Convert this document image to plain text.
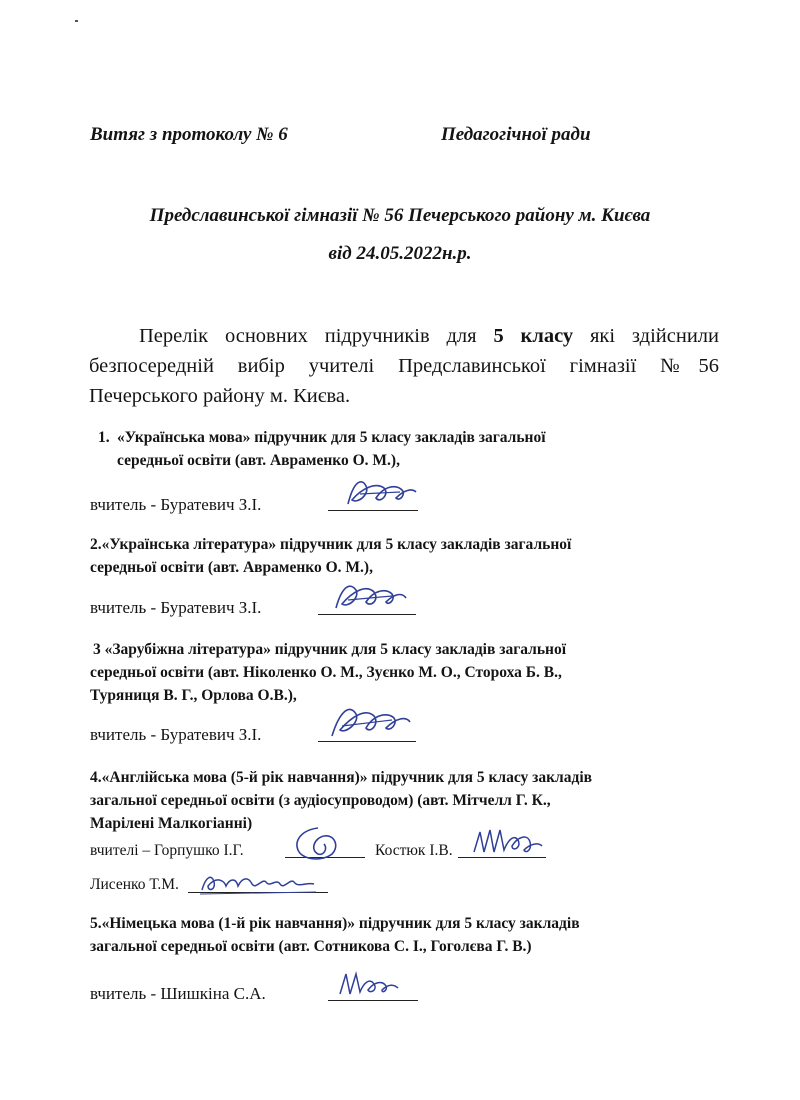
Витяг з протоколу № 6	Педагогічної ради
Предславинської гімназії № 56 Печерського району м. Києва
від 24.05.2022н.р.
Перелік основних підручників для 5 класу які здійснили безпосередній вибір учителі Предславинської гімназії №56 Печерського району м. Києва.
1. «Українська мова» підручник для 5 класу закладів загальної
середньої освіти (авт. Авраменко О. М.),
вчитель - Буратевич З.І.
2.«Українська література» підручник для 5 класу закладів загальної
середньої освіти (авт. Авраменко О. М.),
вчитель - Буратевич З.І.
3 «Зарубіжна література» підручник для 5 класу закладів загальної
середньої освіти (авт. Ніколенко О. М., Зуєнко М. О., Стороха Б. В.,
Туряниця В. Г., Орлова О.В.),
вчитель - Буратевич З.І.
4.«Англійська мова (5-й рік навчання)» підручник для 5 класу закладів
загальної середньої освіти (з аудіосупроводом) (авт. Мітчелл Г. К.,
Марілені Малкогіанні)
вчителі – Горпушко І.Г.	Костюк І.В.
Лисенко Т.М.
5.«Німецька мова (1-й рік навчання)» підручник для 5 класу закладів
загальної середньої освіти (авт. Сотникова С. І., Гоголєва Г. В.)
вчитель - Шишкіна С.А.
